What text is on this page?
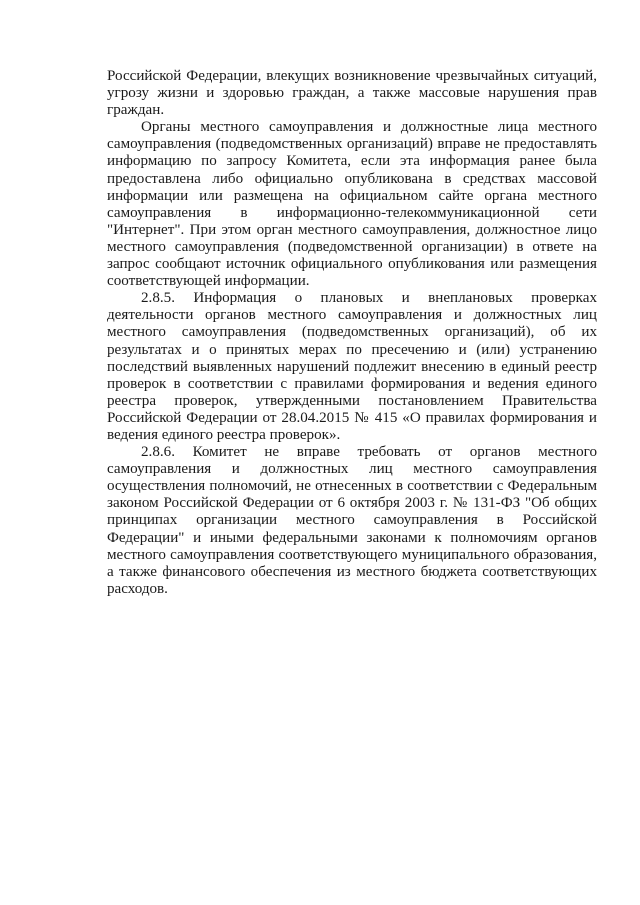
Российской Федерации, влекущих возникновение чрезвычайных ситуаций, угрозу жизни и здоровью граждан, а также массовые нарушения прав граждан.

Органы местного самоуправления и должностные лица местного самоуправления (подведомственных организаций) вправе не предоставлять информацию по запросу Комитета, если эта информация ранее была предоставлена либо официально опубликована в средствах массовой информации или размещена на официальном сайте органа местного самоуправления в информационно-телекоммуникационной сети "Интернет". При этом орган местного самоуправления, должностное лицо местного самоуправления (подведомственной организации) в ответе на запрос сообщают источник официального опубликования или размещения соответствующей информации.

2.8.5. Информация о плановых и внеплановых проверках деятельности органов местного самоуправления и должностных лиц местного самоуправления (подведомственных организаций), об их результатах и о принятых мерах по пресечению и (или) устранению последствий выявленных нарушений подлежит внесению в единый реестр проверок в соответствии с правилами формирования и ведения единого реестра проверок, утвержденными постановлением Правительства Российской Федерации от 28.04.2015 № 415 «О правилах формирования и ведения единого реестра проверок».

2.8.6. Комитет не вправе требовать от органов местного самоуправления и должностных лиц местного самоуправления осуществления полномочий, не отнесенных в соответствии с Федеральным законом Российской Федерации от 6 октября 2003 г. № 131-ФЗ "Об общих принципах организации местного самоуправления в Российской Федерации" и иными федеральными законами к полномочиям органов местного самоуправления соответствующего муниципального образования, а также финансового обеспечения из местного бюджета соответствующих расходов.
